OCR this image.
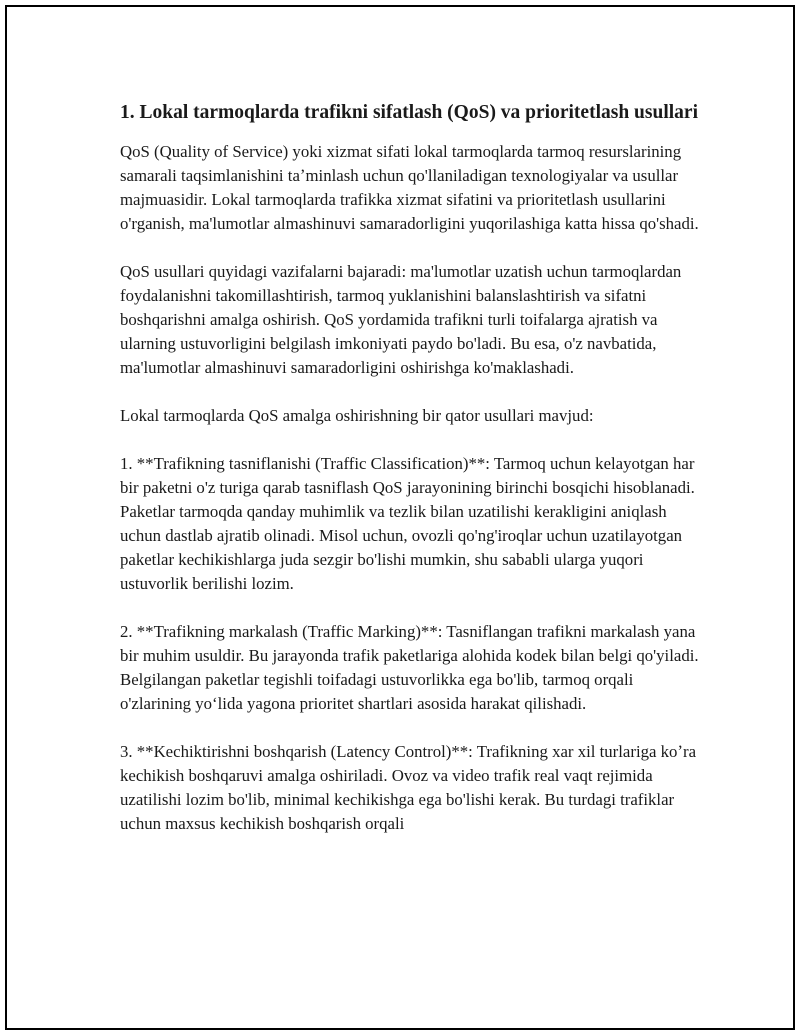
1. Lokal tarmoqlarda trafikni sifatlash (QoS) va prioritetlash usullari

QoS (Quality of Service) yoki xizmat sifati lokal tarmoqlarda tarmoq resurslarining samarali taqsimlanishini taʼminlash uchun qo'llaniladigan texnologiyalar va usullar majmuasidir. Lokal tarmoqlarda trafikka xizmat sifatini va prioritetlash usullarini o'rganish, ma'lumotlar almashinuvi samaradorligini yuqorilashiga katta hissa qo'shadi.

QoS usullari quyidagi vazifalarni bajaradi: ma'lumotlar uzatish uchun tarmoqlardan foydalanishni takomillashtirish, tarmoq yuklanishini balanslashtirish va sifatni boshqarishni amalga oshirish. QoS yordamida trafikni turli toifalarga ajratish va ularning ustuvorligini belgilash imkoniyati paydo bo'ladi. Bu esa, o'z navbatida, ma'lumotlar almashinuvi samaradorligini oshirishga ko'maklashadi.

Lokal tarmoqlarda QoS amalga oshirishning bir qator usullari mavjud:

1. **Trafikning tasniflanishi (Traffic Classification)**: Tarmoq uchun kelayotgan har bir paketni o'z turiga qarab tasniflash QoS jarayonining birinchi bosqichi hisoblanadi. Paketlar tarmoqda qanday muhimlik va tezlik bilan uzatilishi kerakligini aniqlash uchun dastlab ajratib olinadi. Misol uchun, ovozli qo'ng'iroqlar uchun uzatilayotgan paketlar kechikishlarga juda sezgir bo'lishi mumkin, shu sababli ularga yuqori ustuvorlik berilishi lozim.

2. **Trafikning markalash (Traffic Marking)**: Tasniflangan trafikni markalash yana bir muhim usuldir. Bu jarayonda trafik paketlariga alohida kodek bilan belgi qo'yiladi. Belgilangan paketlar tegishli toifadagi ustuvorlikka ega bo'lib, tarmoq orqali o'zlarining yoʻlida yagona prioritet shartlari asosida harakat qilishadi.

3. **Kechiktirishni boshqarish (Latency Control)**: Trafikning xar xil turlariga koʼra kechikish boshqaruvi amalga oshiriladi. Ovoz va video trafik real vaqt rejimida uzatilishi lozim bo'lib, minimal kechikishga ega bo'lishi kerak. Bu turdagi trafiklar uchun maxsus kechikish boshqarish orqali
